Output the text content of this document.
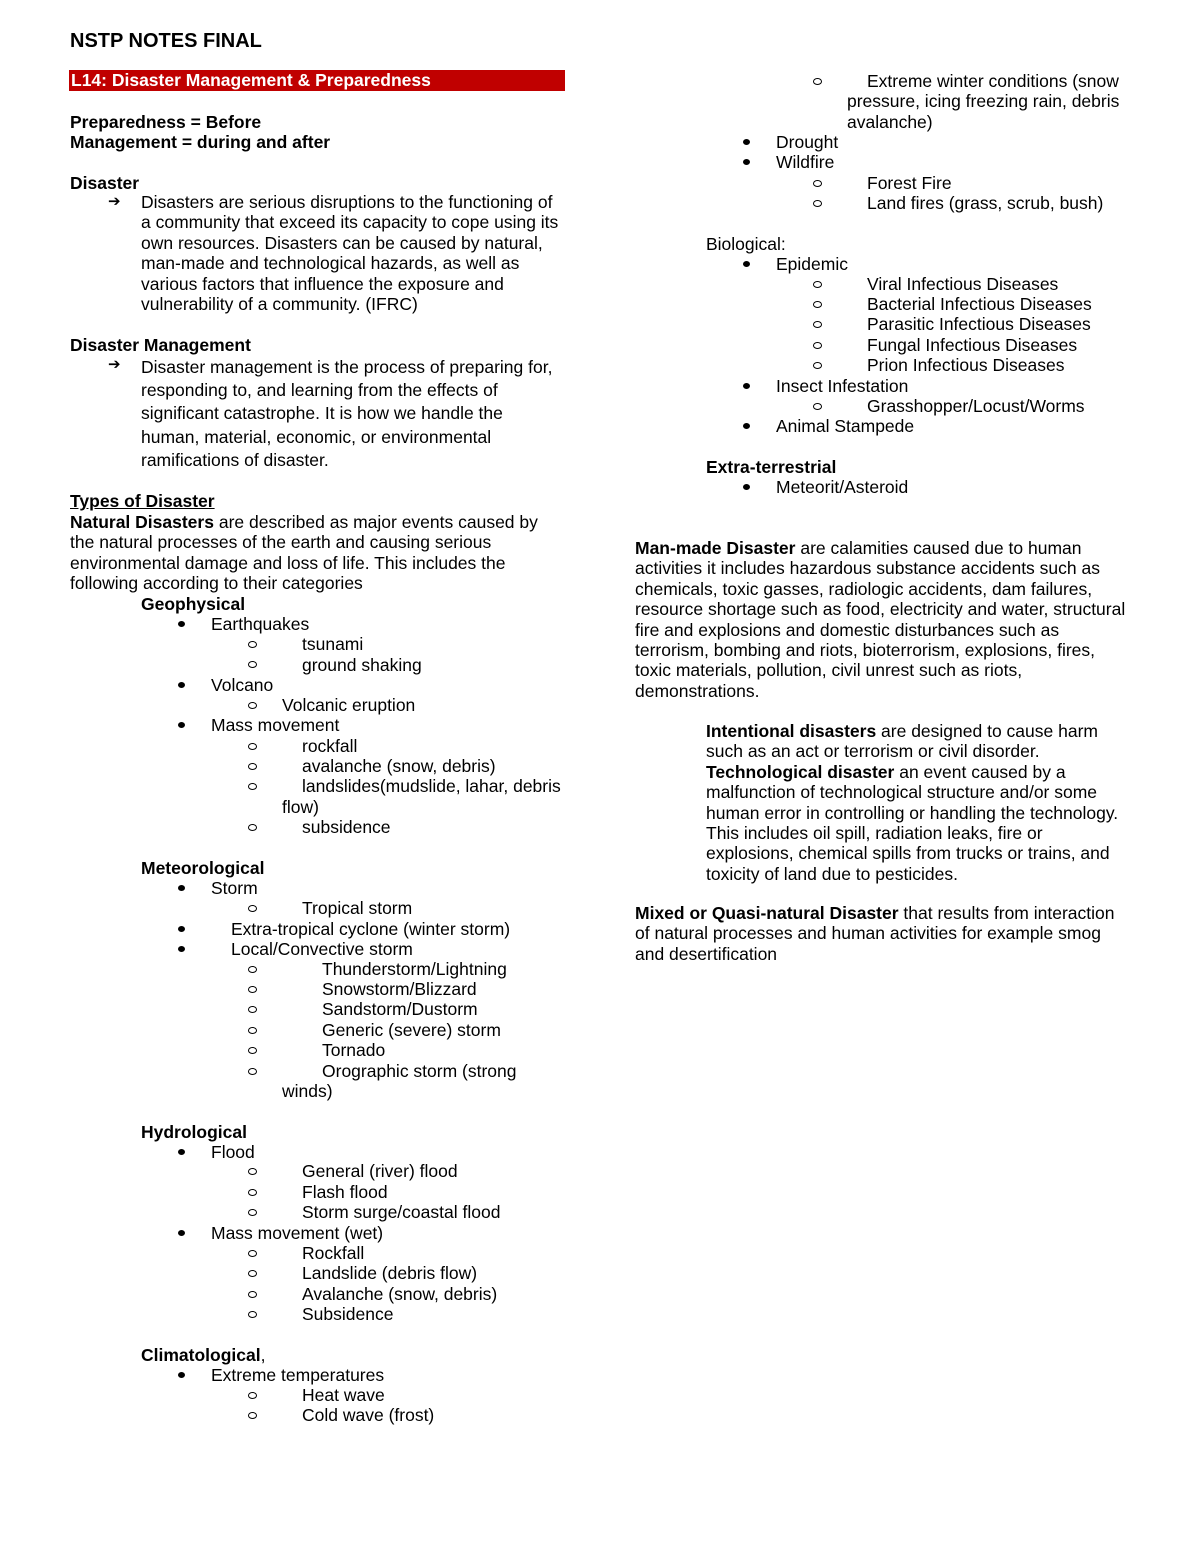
NSTP NOTES FINAL
L14: Disaster Management & Preparedness
Preparedness = Before
Management = during and after
Disaster
➔ Disasters are serious disruptions to the functioning of a community that exceed its capacity to cope using its own resources. Disasters can be caused by natural, man-made and technological hazards, as well as various factors that influence the exposure and vulnerability of a community. (IFRC)
Disaster Management
➔ Disaster management is the process of preparing for, responding to, and learning from the effects of significant catastrophe. It is how we handle the human, material, economic, or environmental ramifications of disaster.
Types of Disaster
Natural Disasters are described as major events caused by the natural processes of the earth and causing serious environmental damage and loss of life. This includes the following according to their categories
Geophysical
Earthquakes
tsunami
ground shaking
Volcano
Volcanic eruption
Mass movement
rockfall
avalanche (snow, debris)
landslides(mudslide, lahar, debris
flow)
subsidence
Meteorological
Storm
Tropical storm
Extra-tropical cyclone (winter storm)
Local/Convective storm
Thunderstorm/Lightning
Snowstorm/Blizzard
Sandstorm/Dustorm
Generic (severe) storm
Tornado
Orographic storm (strong
winds)
Hydrological
Flood
General (river) flood
Flash flood
Storm surge/coastal flood
Mass movement (wet)
Rockfall
Landslide (debris flow)
Avalanche (snow, debris)
Subsidence
Climatological,
Extreme temperatures
Heat wave
Cold wave (frost)
Extreme winter conditions (snow
pressure, icing freezing rain, debris
avalanche)
Drought
Wildfire
Forest Fire
Land fires (grass, scrub, bush)
Biological:
Epidemic
Viral Infectious Diseases
Bacterial Infectious Diseases
Parasitic Infectious Diseases
Fungal Infectious Diseases
Prion Infectious Diseases
Insect Infestation
Grasshopper/Locust/Worms
Animal Stampede
Extra-terrestrial
Meteorit/Asteroid
Man-made Disaster are calamities caused due to human activities it includes hazardous substance accidents such as chemicals, toxic gasses, radiologic accidents, dam failures, resource shortage such as food, electricity and water, structural fire and explosions and domestic disturbances such as terrorism, bombing and riots, bioterrorism, explosions, fires, toxic materials, pollution, civil unrest such as riots, demonstrations.
Intentional disasters are designed to cause harm such as an act or terrorism or civil disorder.
Technological disaster an event caused by a malfunction of technological structure and/or some human error in controlling or handling the technology. This includes oil spill, radiation leaks, fire or explosions, chemical spills from trucks or trains, and toxicity of land due to pesticides.
Mixed or Quasi-natural Disaster that results from interaction of natural processes and human activities for example smog and desertification
